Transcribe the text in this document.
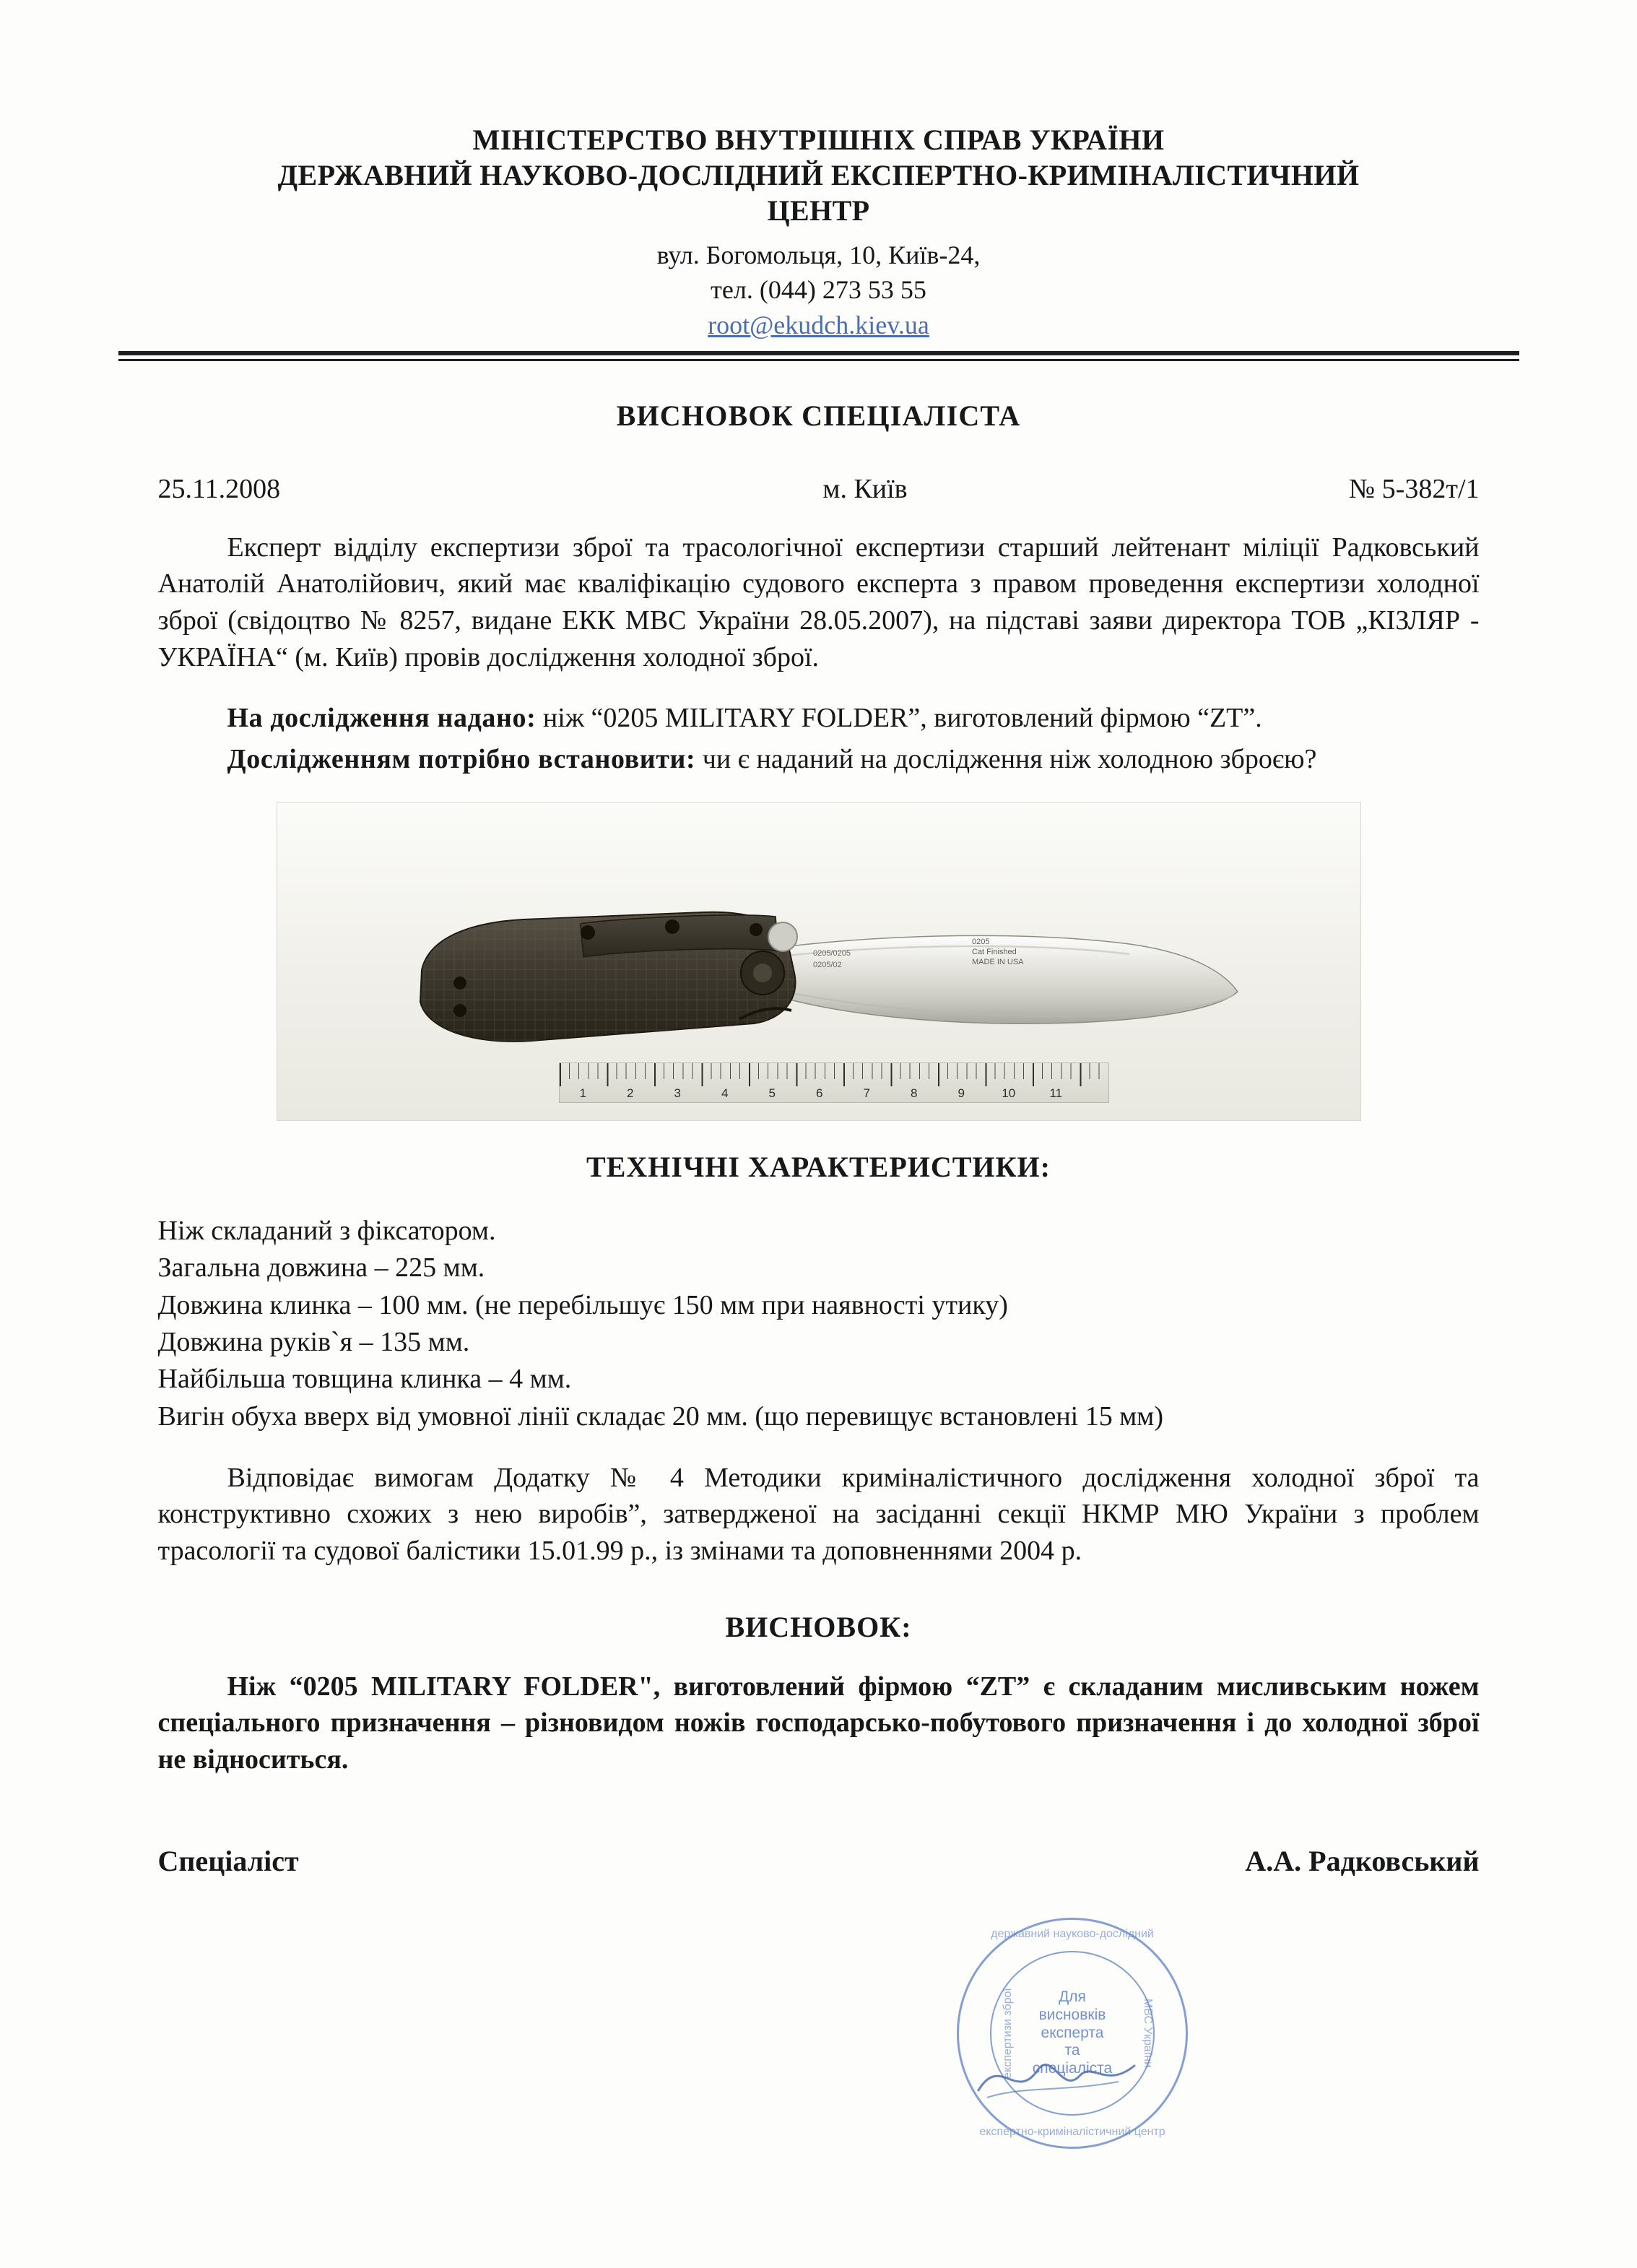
МІНІСТЕРСТВО ВНУТРІШНІХ СПРАВ УКРАЇНИ
ДЕРЖАВНИЙ НАУКОВО-ДОСЛІДНИЙ ЕКСПЕРТНО-КРИМІНАЛІСТИЧНИЙ
ЦЕНТР
вул. Богомольця, 10, Київ-24,
тел. (044) 273 53 55
root@ekudch.kiev.ua
ВИСНОВОК СПЕЦІАЛІСТА
25.11.2008	м. Київ	№ 5-382т/1

Експерт відділу експертизи зброї та трасологічної експертизи старший лейтенант міліції Радковський Анатолій Анатолійович, який має кваліфікацію судового експерта з правом проведення експертизи холодної зброї (свідоцтво № 8257, видане ЕКК МВС України 28.05.2007), на підставі заяви директора ТОВ „КІЗЛЯР - УКРАЇНА“ (м. Київ) провів дослідження холодної зброї.

На дослідження надано: ніж “0205 MILITARY FOLDER”, виготовлений фірмою “ZT”.

Дослідженням потрібно встановити: чи є наданий на дослідження ніж холодною зброєю?

0205/0205
0205/02
0205
Cat Finished
MADE IN USA
1	2	3	4	5	6	7	8	9	10	11
ТЕХНІЧНІ ХАРАКТЕРИСТИКИ:

Ніж складаний з фіксатором.

Загальна довжина – 225 мм.

Довжина клинка – 100 мм. (не перебільшує 150 мм при наявності утику)

Довжина руків`я – 135 мм.

Найбільша товщина клинка – 4 мм.

Вигін обуха вверх від умовної лінії складає 20 мм. (що перевищує встановлені 15 мм)

Відповідає вимогам Додатку № 4 Методики криміналістичного дослідження холодної зброї та конструктивно схожих з нею виробів”, затвердженої на засіданні секції НКМР МЮ України з проблем трасології та судової балістики 15.01.99 р., із змінами та доповненнями 2004 р.

ВИСНОВОК:

Ніж “0205 MILITARY FOLDER", виготовлений фірмою “ZT” є складаним мисливським ножем спеціального призначення – різновидом ножів господарсько-побутового призначення і до холодної зброї не відноситься.

Спеціаліст	А.А. Радковський
державний науково-дослідний
експертно-криміналістичний центр
експертизи зброї	МВС України
Для
висновків експерта
та спеціаліста
